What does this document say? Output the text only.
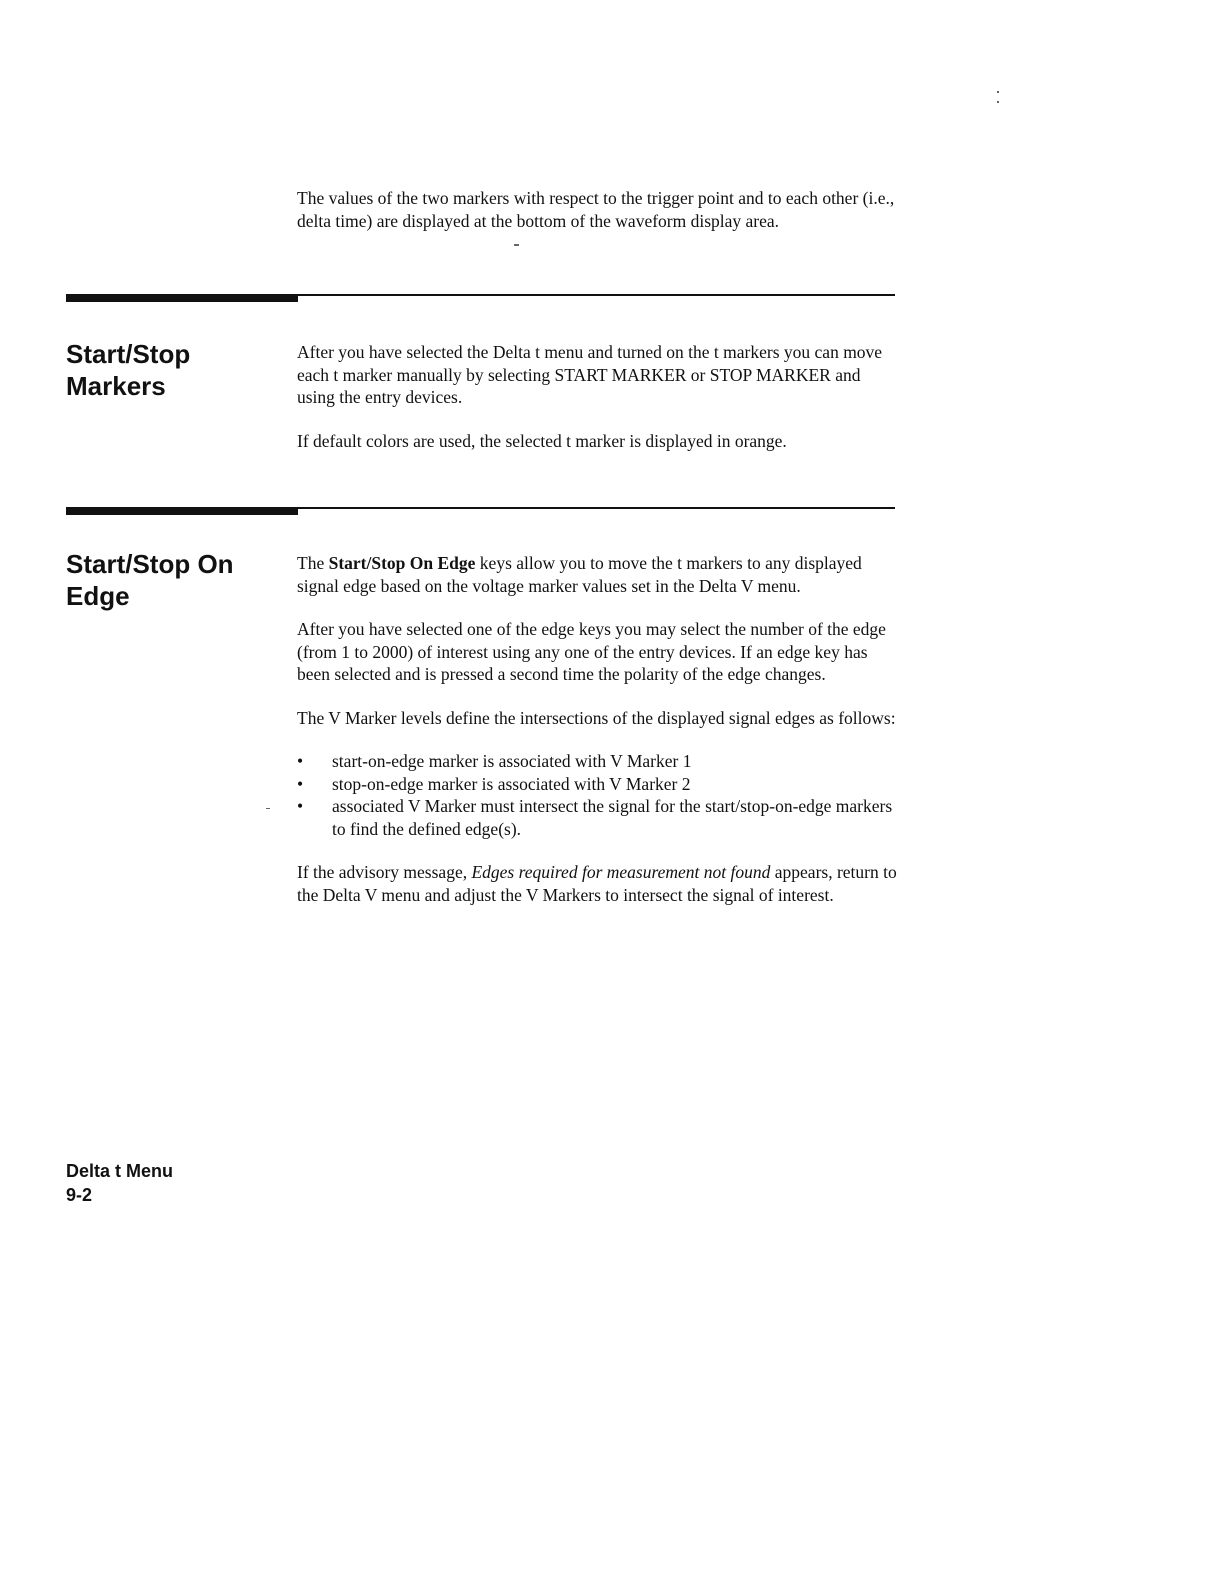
The values of the two markers with respect to the trigger point and to each other (i.e., delta time) are displayed at the bottom of the waveform display area.

Start/Stop Markers

After you have selected the Delta t menu and turned on the t markers you can move each t marker manually by selecting START MARKER or STOP MARKER and using the entry devices.

If default colors are used, the selected t marker is displayed in orange.

Start/Stop On Edge

The Start/Stop On Edge keys allow you to move the t markers to any displayed signal edge based on the voltage marker values set in the Delta V menu.

After you have selected one of the edge keys you may select the number of the edge (from 1 to 2000) of interest using any one of the entry devices. If an edge key has been selected and is pressed a second time the polarity of the edge changes.

The V Marker levels define the intersections of the displayed signal edges as follows:

• start-on-edge marker is associated with V Marker 1
• stop-on-edge marker is associated with V Marker 2
• associated V Marker must intersect the signal for the start/stop-on-edge markers to find the defined edge(s).

If the advisory message, Edges required for measurement not found appears, return to the Delta V menu and adjust the V Markers to intersect the signal of interest.

Delta t Menu
9-2
